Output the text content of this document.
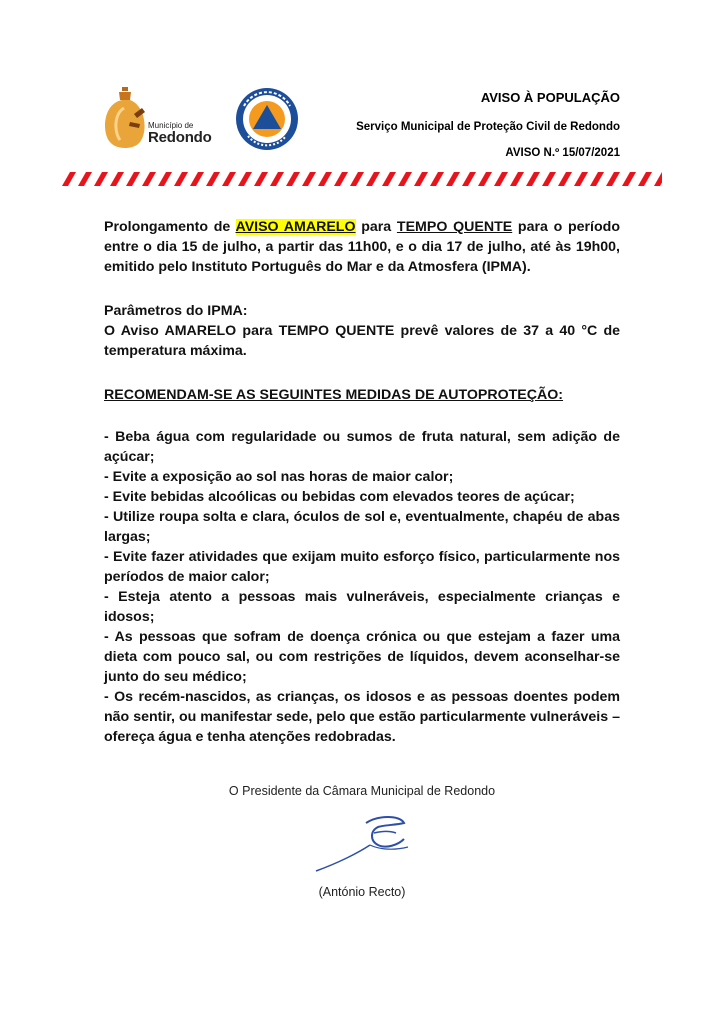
Município de
Redondo
AVISO À POPULAÇÃO
Serviço Municipal de Proteção Civil de Redondo
AVISO N.º 15/07/2021
Prolongamento de AVISO AMARELO para TEMPO QUENTE para o período entre o dia 15 de julho, a partir das 11h00, e o dia 17 de julho, até às 19h00, emitido pelo Instituto Português do Mar e da Atmosfera (IPMA).
Parâmetros do IPMA:
O Aviso AMARELO para TEMPO QUENTE prevê valores de 37 a 40 °C de temperatura máxima.
RECOMENDAM-SE AS SEGUINTES MEDIDAS DE AUTOPROTEÇÃO:
- Beba água com regularidade ou sumos de fruta natural, sem adição de açúcar;
- Evite a exposição ao sol nas horas de maior calor;
- Evite bebidas alcoólicas ou bebidas com elevados teores de açúcar;
- Utilize roupa solta e clara, óculos de sol e, eventualmente, chapéu de abas largas;
- Evite fazer atividades que exijam muito esforço físico, particularmente nos períodos de maior calor;
- Esteja atento a pessoas mais vulneráveis, especialmente crianças e idosos;
- As pessoas que sofram de doença crónica ou que estejam a fazer uma dieta com pouco sal, ou com restrições de líquidos, devem aconselhar-se junto do seu médico;
- Os recém-nascidos, as crianças, os idosos e as pessoas doentes podem não sentir, ou manifestar sede, pelo que estão particularmente vulneráveis – ofereça água e tenha atenções redobradas.
O Presidente da Câmara Municipal de Redondo
(António Recto)
